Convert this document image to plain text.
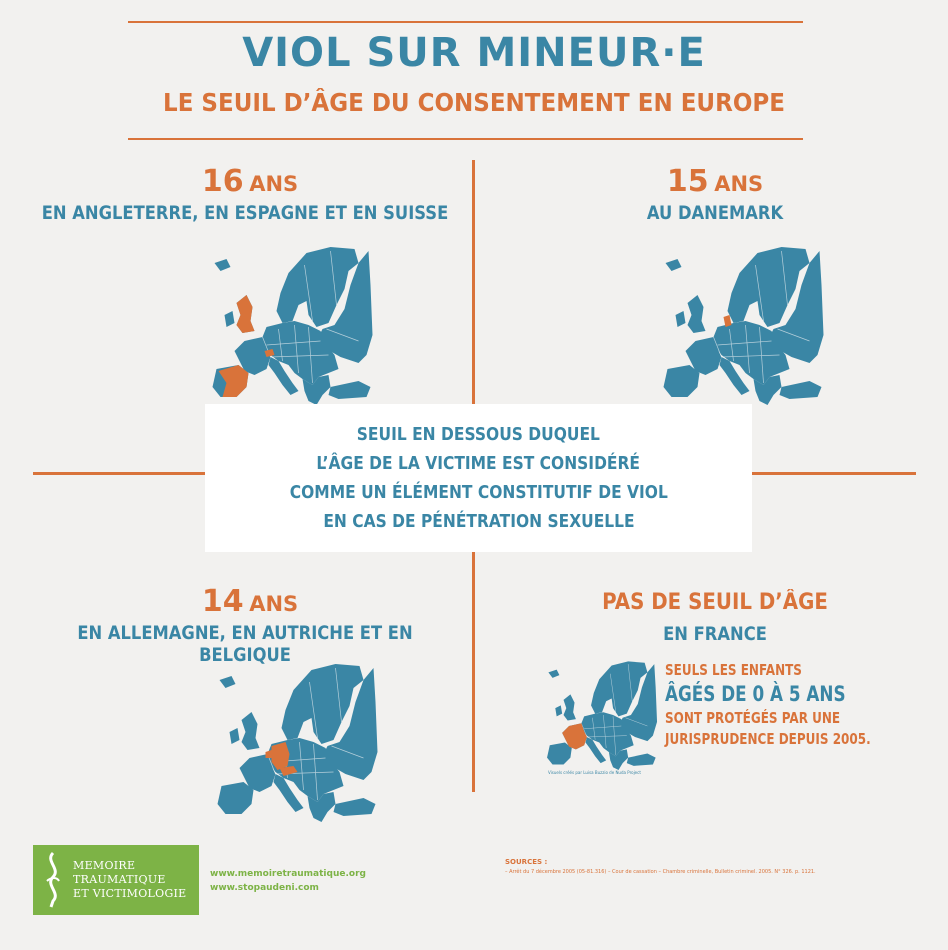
VIOL SUR MINEUR·E
LE SEUIL D’ÂGE DU CONSENTEMENT EN EUROPE
16 ANS
EN ANGLETERRE, EN ESPAGNE ET EN SUISSE
15 ANS
AU DANEMARK
SEUIL EN DESSOUS DUQUEL
L’ÂGE DE LA VICTIME EST CONSIDÉRÉ
COMME UN ÉLÉMENT CONSTITUTIF DE VIOL
EN CAS DE PÉNÉTRATION SEXUELLE
14 ANS
EN ALLEMAGNE, EN AUTRICHE ET EN BELGIQUE
PAS DE SEUIL D’ÂGE
EN FRANCE
Visuels créés par Luisa Buzzio de Nuda Project
SEULS LES ENFANTS
ÂGÉS DE 0 À 5 ANS
SONT PROTÉGÉS PAR UNE
JURISPRUDENCE DEPUIS 2005.
MEMOIRE
TRAUMATIQUE
ET VICTIMOLOGIE
www.memoiretraumatique.org
www.stopaudeni.com
SOURCES :
– Arrêt du 7 décembre 2005 (05-81.316) – Cour de cassation – Chambre criminelle, Bulletin criminel. 2005. N° 326. p. 1121.
